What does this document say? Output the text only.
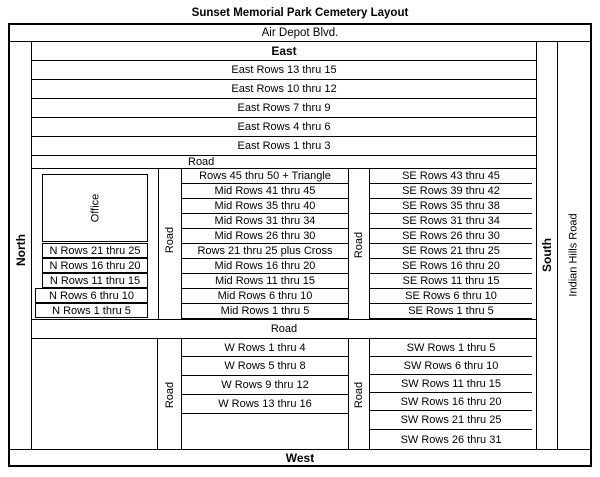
Sunset Memorial Park Cemetery Layout
Air Depot Blvd.
North	South Indian Hills Road
East
East Rows 13 thru 15
East Rows 10 thru 12
East Rows 7 thru 9
East Rows 4 thru 6
East Rows 1 thru 3
Road
Office
N Rows 21 thru 25
N Rows 16 thru 20
N Rows 11 thru 15
N Rows 6 thru 10
N Rows 1 thru 5
Road
Rows 45 thru 50 + Triangle
Mid Rows 41 thru 45
Mid Rows 35 thru 40
Mid Rows 31 thru 34
Mid Rows 26 thru 30
Rows 21 thru 25 plus Cross
Mid Rows 16 thru 20
Mid Rows 11 thru 15
Mid Rows 6 thru 10
Mid Rows 1 thru 5
Road
SE Rows 43 thru 45
SE Rows 39 thru 42
SE Rows 35 thru 38
SE Rows 31 thru 34
SE Rows 26 thru 30
SE Rows 21 thru 25
SE Rows 16 thru 20
SE Rows 11 thru 15
SE Rows 6 thru 10
SE Rows 1 thru 5
Road
Road
W Rows 1 thru 4
W Rows 5 thru 8
W Rows 9 thru 12
W Rows 13 thru 16	Road
SW Rows 1 thru 5
SW Rows 6 thru 10
SW Rows 11 thru 15
SW Rows 16 thru 20
SW Rows 21 thru 25
SW Rows 26 thru 31
West
